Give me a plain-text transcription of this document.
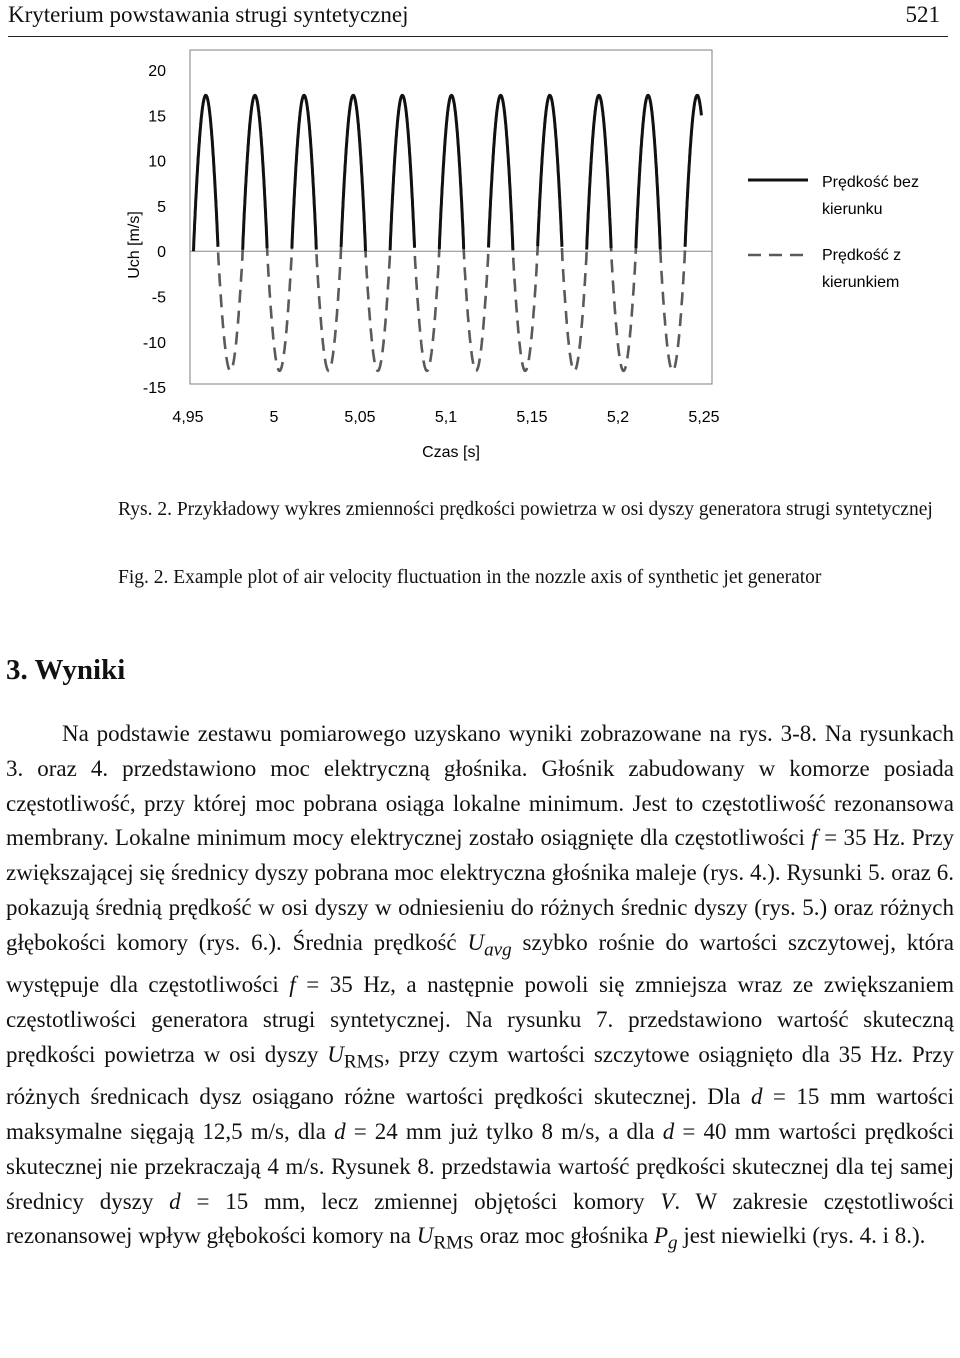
Kryterium powstawania strugi syntetycznej	521
20
15
10
5
0
-5
-10
-15
4,95	5	5,05	5,1	5,15	5,2	5,25
Uch [m/s]
Czas [s]
Prędkość bez kierunku
Prędkość z kierunkiem
Rys. 2. Przykładowy wykres zmienności prędkości powietrza w osi dyszy generatora strugi syntetycznej
Fig. 2. Example plot of air velocity fluctuation in the nozzle axis of synthetic jet generator
3. Wyniki

Na podstawie zestawu pomiarowego uzyskano wyniki zobrazowane na rys. 3-8. Na rysunkach 3. oraz 4. przedstawiono moc elektryczną głośnika. Głośnik zabudowany w komorze posiada częstotliwość, przy której moc pobrana osiąga lokalne minimum. Jest to częstotliwość rezonansowa membrany. Lokalne minimum mocy elektrycznej zostało osiągnięte dla częstotliwości f = 35 Hz. Przy zwiększającej się średnicy dyszy pobrana moc elektryczna głośnika maleje (rys. 4.). Rysunki 5. oraz 6. pokazują średnią prędkość w osi dyszy w odniesieniu do różnych średnic dyszy (rys. 5.) oraz różnych głębokości komory (rys. 6.). Średnia prędkość $U_{avg}$ szybko rośnie do wartości szczytowej, która występuje dla częstotliwości f = 35 Hz, a następnie powoli się zmniejsza wraz ze zwiększaniem częstotliwości generatora strugi syntetycznej. Na rysunku 7. przedstawiono wartość skuteczną prędkości powietrza w osi dyszy $U_{RMS}$, przy czym wartości szczytowe osiągnięto dla 35 Hz. Przy różnych średnicach dysz osiągano różne wartości prędkości skutecznej. Dla d = 15 mm wartości maksymalne sięgają 12,5 m/s, dla d = 24 mm już tylko 8 m/s, a dla d = 40 mm wartości prędkości skutecznej nie przekraczają 4 m/s. Rysunek 8. przedstawia wartość prędkości skutecznej dla tej samej średnicy dyszy d = 15 mm, lecz zmiennej objętości komory V. W zakresie częstotliwości rezonansowej wpływ głębokości komory na $U_{RMS}$ oraz moc głośnika $P_g$ jest niewielki (rys. 4. i 8.).
